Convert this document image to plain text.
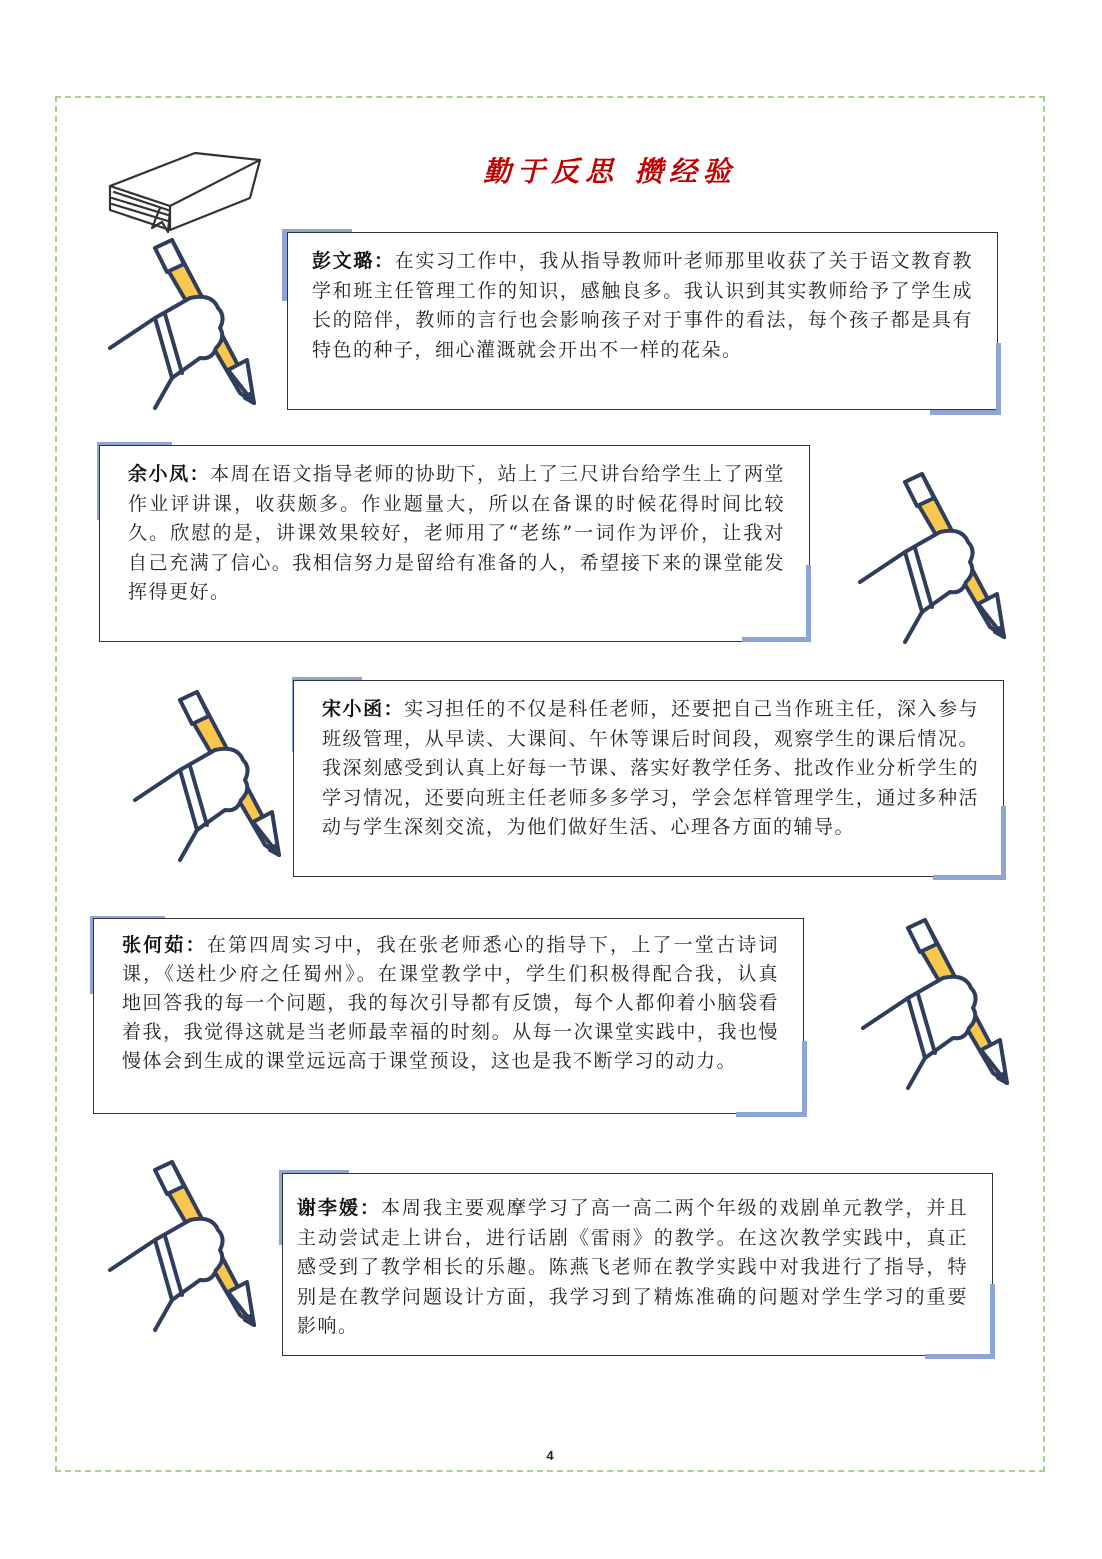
勤于反思 攒经验
彭文璐：在实习工作中，我从指导教师叶老师那里收获了关于语文教育教学和班主任管理工作的知识，感触良多。我认识到其实教师给予了学生成长的陪伴，教师的言行也会影响孩子对于事件的看法，每个孩子都是具有特色的种子，细心灌溉就会开出不一样的花朵。
余小凤：本周在语文指导老师的协助下，站上了三尺讲台给学生上了两堂作业评讲课，收获颇多。作业题量大，所以在备课的时候花得时间比较久。欣慰的是，讲课效果较好，老师用了“老练”一词作为评价，让我对自己充满了信心。我相信努力是留给有准备的人，希望接下来的课堂能发挥得更好。
宋小函：实习担任的不仅是科任老师，还要把自己当作班主任，深入参与班级管理，从早读、大课间、午休等课后时间段，观察学生的课后情况。我深刻感受到认真上好每一节课、落实好教学任务、批改作业分析学生的学习情况，还要向班主任老师多多学习，学会怎样管理学生，通过多种活动与学生深刻交流，为他们做好生活、心理各方面的辅导。
张何茹：在第四周实习中，我在张老师悉心的指导下，上了一堂古诗词课，《送杜少府之任蜀州》。在课堂教学中，学生们积极得配合我，认真地回答我的每一个问题，我的每次引导都有反馈，每个人都仰着小脑袋看着我，我觉得这就是当老师最幸福的时刻。从每一次课堂实践中，我也慢慢体会到生成的课堂远远高于课堂预设，这也是我不断学习的动力。
谢李媛：本周我主要观摩学习了高一高二两个年级的戏剧单元教学，并且主动尝试走上讲台，进行话剧《雷雨》的教学。在这次教学实践中，真正感受到了教学相长的乐趣。陈燕飞老师在教学实践中对我进行了指导，特别是在教学问题设计方面，我学习到了精炼准确的问题对学生学习的重要影响。
4
